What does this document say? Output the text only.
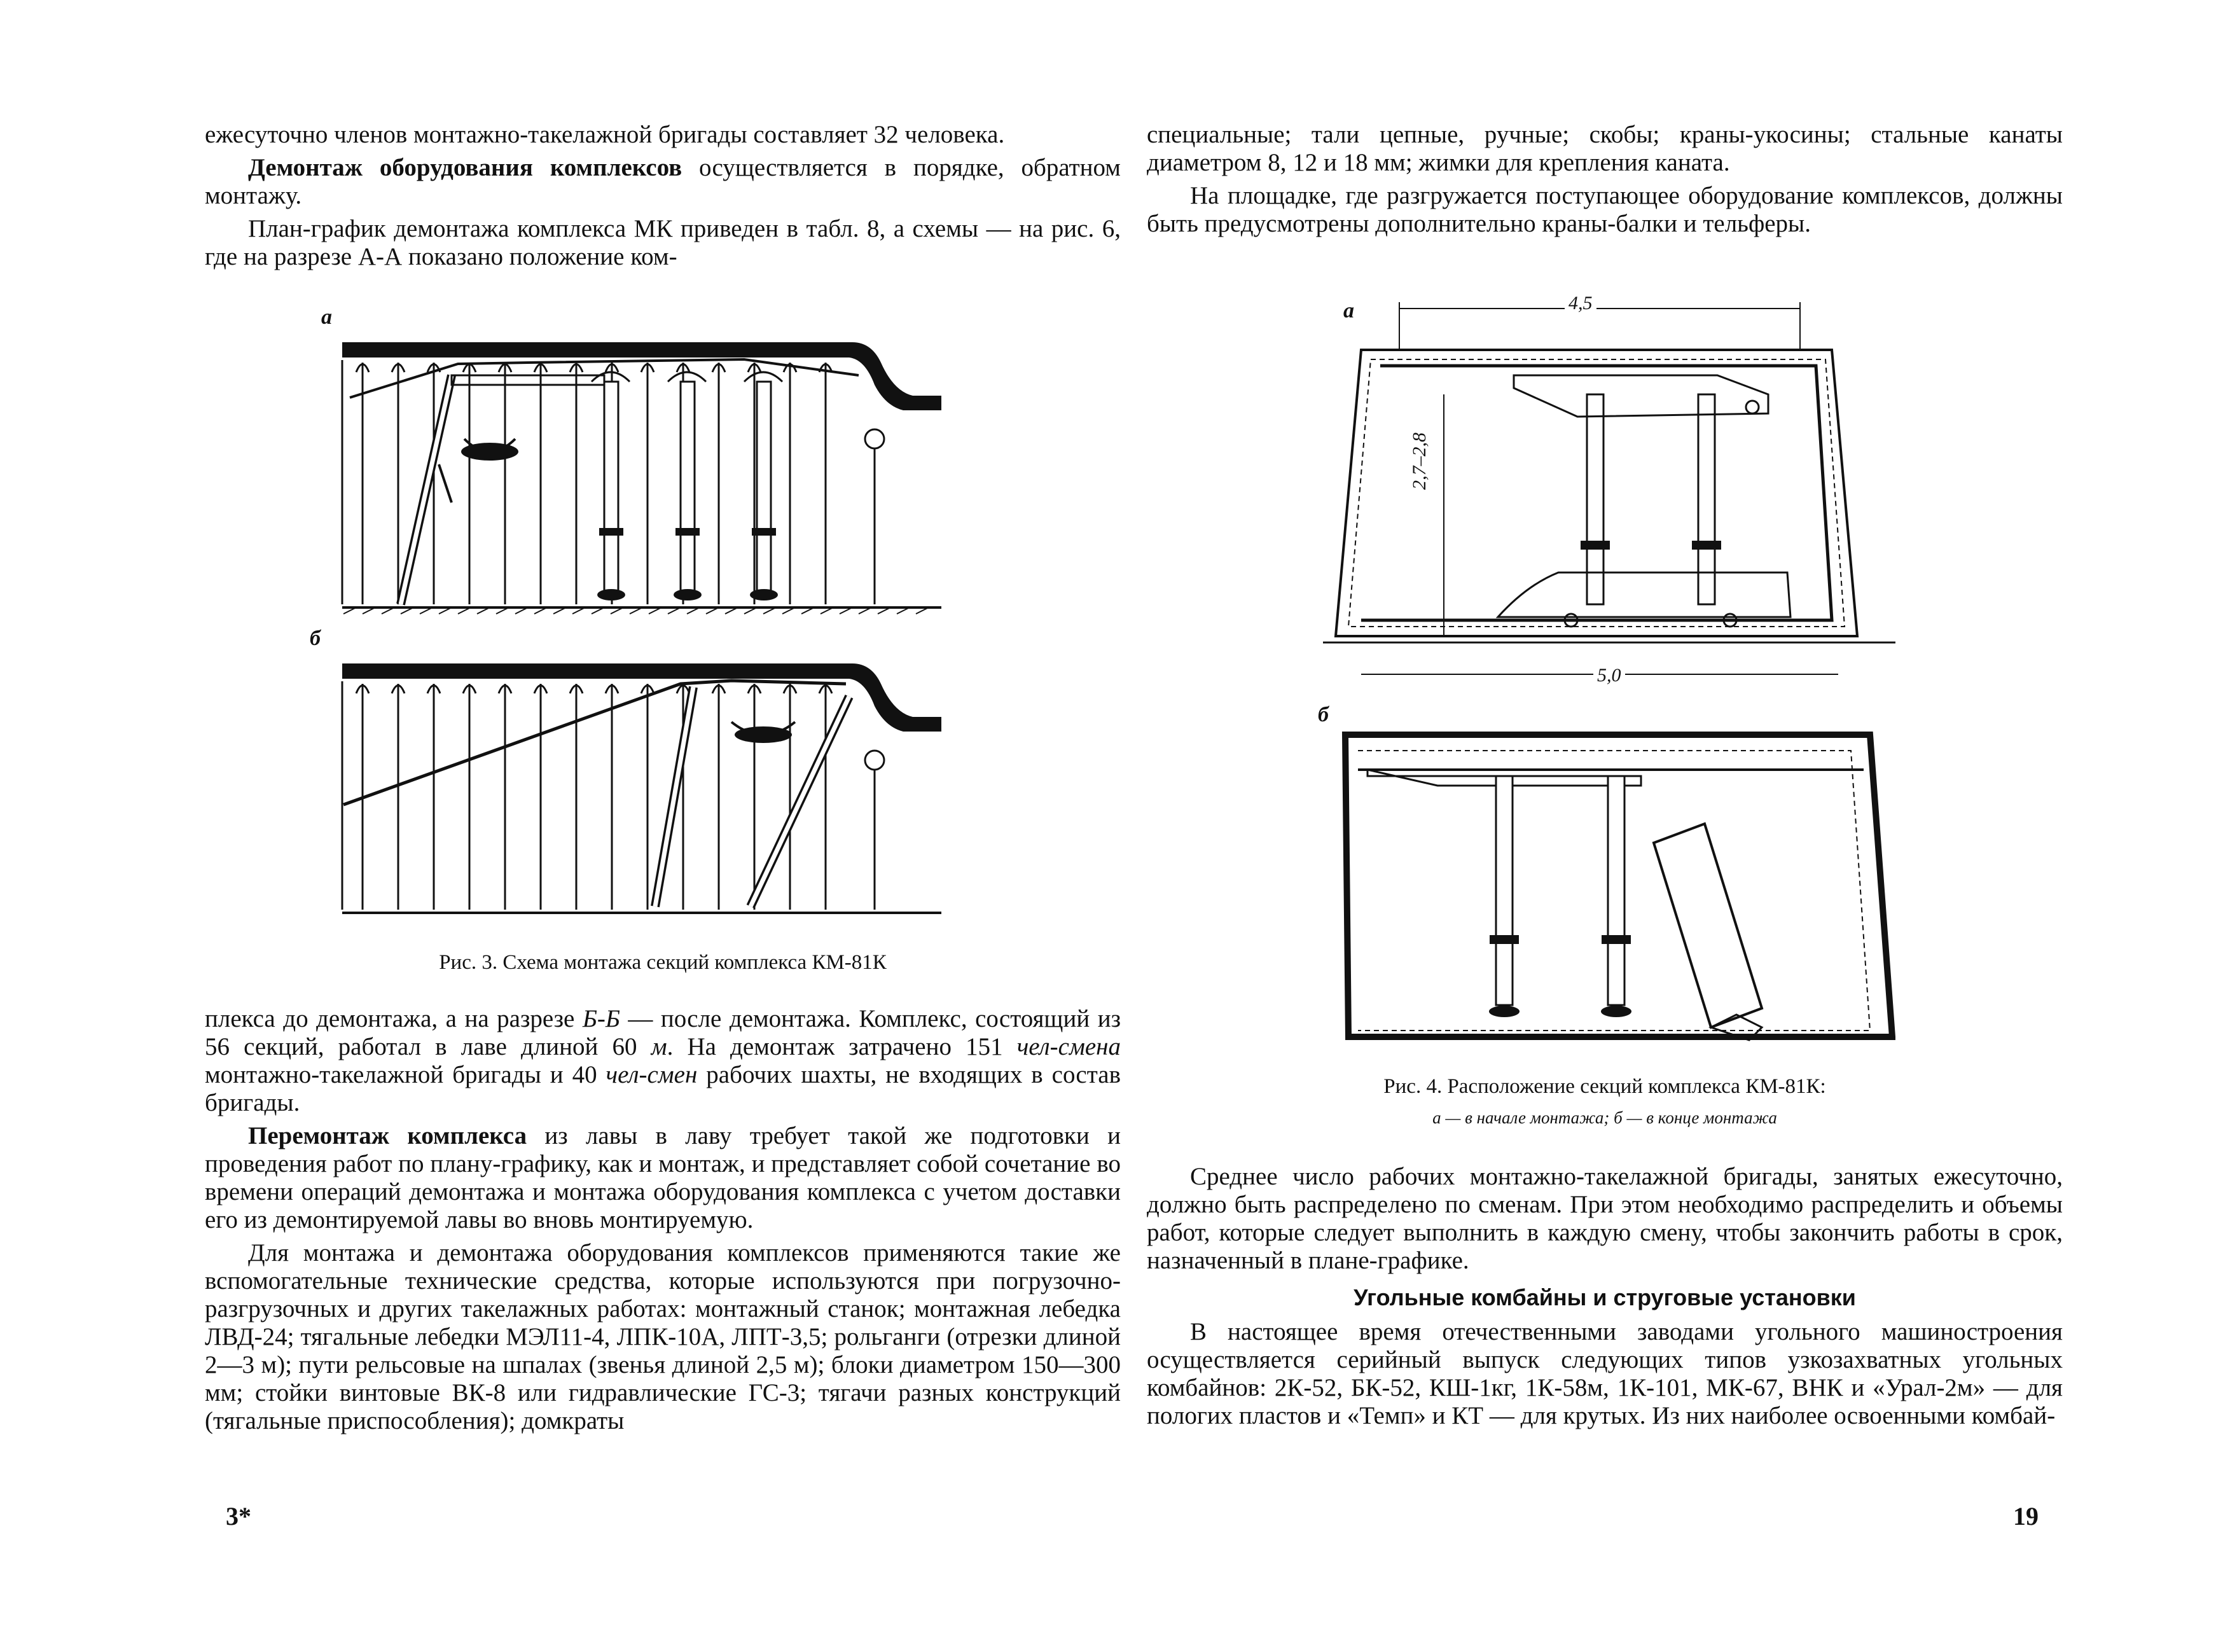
ежесуточно членов монтажно-такелажной бригады составляет 32 человека.

Демонтаж оборудования комплексов осуществляется в порядке, обратном монтажу.

План-график демонтажа комплекса МК приведен в табл. 8, а схемы — на рис. 6, где на разрезе А-А показано положение ком-

а
б
Рис. 3. Схема монтажа секций комплекса КМ-81К

плекса до демонтажа, а на разрезе Б-Б — после демонтажа. Комплекс, состоящий из 56 секций, работал в лаве длиной 60 м. На демонтаж затрачено 151 чел-смена монтажно-такелажной бригады и 40 чел-смен рабочих шахты, не входящих в состав бригады.

Перемонтаж комплекса из лавы в лаву требует такой же подготовки и проведения работ по плану-графику, как и монтаж, и представляет собой сочетание во времени операций демонтажа и монтажа оборудования комплекса с учетом доставки его из демонтируемой лавы во вновь монтируемую.

Для монтажа и демонтажа оборудования комплексов применяются такие же вспомогательные технические средства, которые используются при погрузочно-разгрузочных и других такелажных работах: монтажный станок; монтажная лебедка ЛВД-24; тягальные лебедки МЭЛ11-4, ЛПК-10А, ЛПТ-3,5; рольганги (отрезки длиной 2—3 м); пути рельсовые на шпалах (звенья длиной 2,5 м); блоки диаметром 150—300 мм; стойки винтовые ВК-8 или гидравлические ГС-3; тягачи разных конструкций (тягальные приспособления); домкраты

3*

специальные; тали цепные, ручные; скобы; краны-укосины; стальные канаты диаметром 8, 12 и 18 мм; жимки для крепления каната.

На площадке, где разгружается поступающее оборудование комплексов, должны быть предусмотрены дополнительно краны-балки и тельферы.

а
б
4,5
2,7–2,8
5,0
Рис. 4. Расположение секций комплекса КМ-81К:
а — в начале монтажа; б — в конце монтажа

Среднее число рабочих монтажно-такелажной бригады, занятых ежесуточно, должно быть распределено по сменам. При этом необходимо распределить и объемы работ, которые следует выполнить в каждую смену, чтобы закончить работы в срок, назначенный в плане-графике.

Угольные комбайны и струговые установки

В настоящее время отечественными заводами угольного машиностроения осуществляется серийный выпуск следующих типов узкозахватных угольных комбайнов: 2К-52, БК-52, КШ-1кг, 1К-58м, 1К-101, МК-67, ВНК и «Урал-2м» — для пологих пластов и «Темп» и КТ — для крутых. Из них наиболее освоенными комбай-

19
